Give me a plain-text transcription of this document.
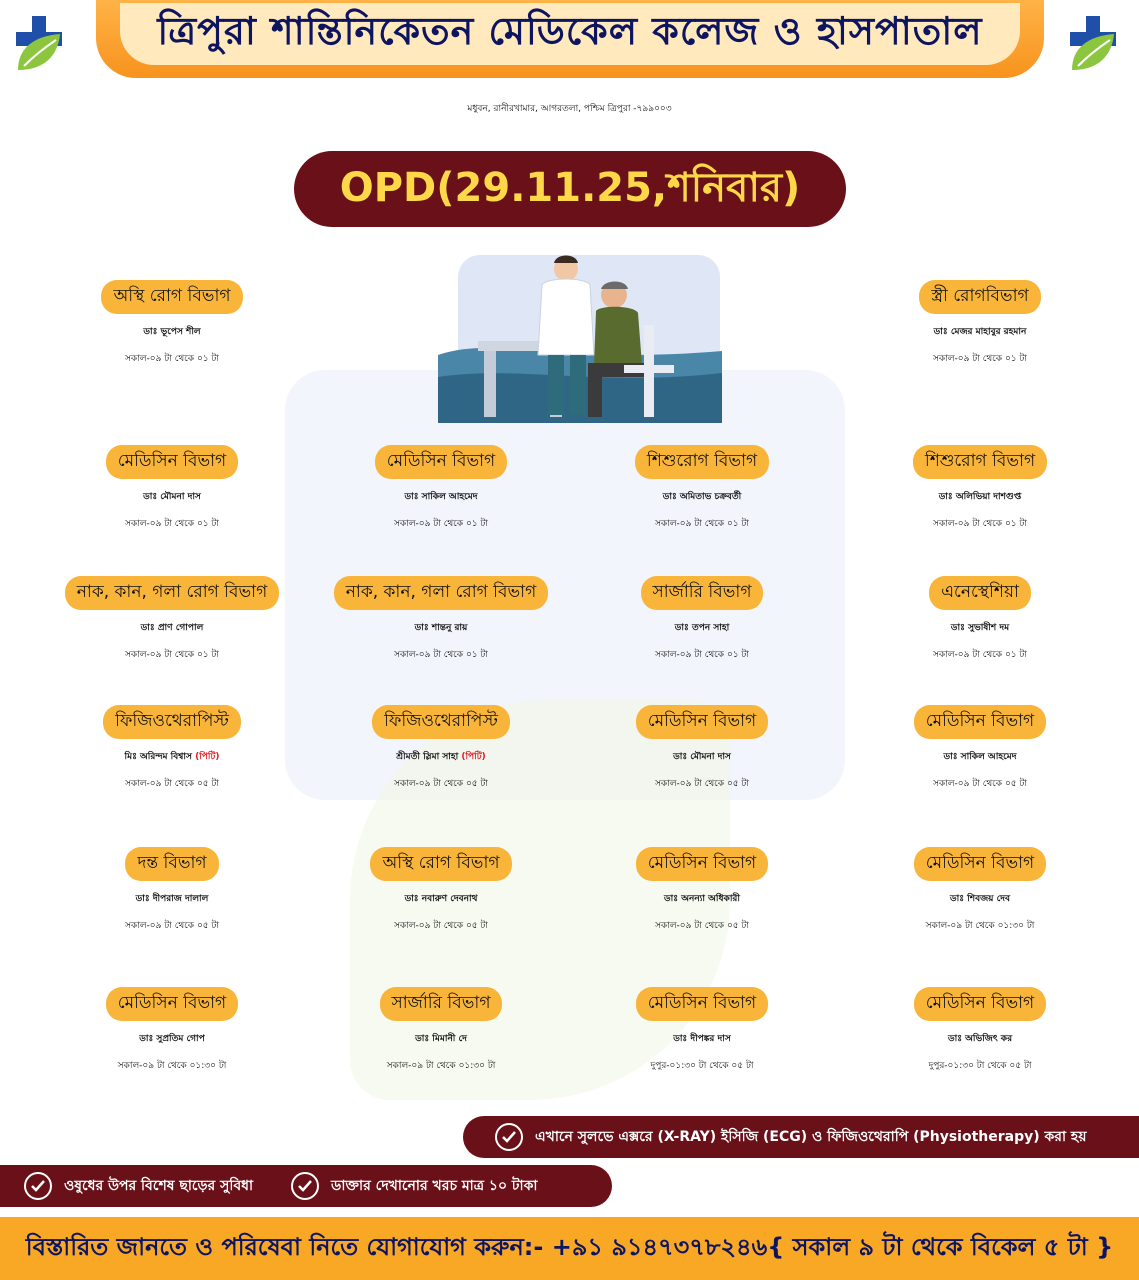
ত্রিপুরা শান্তিনিকেতন মেডিকেল কলেজ ও হাসপাতাল
মধুবন, রানীরখামার, আগরতলা, পশ্চিম ত্রিপুরা -৭৯৯০০৩
OPD(29.11.25,শনিবার)
অস্থি রোগ বিভাগ
ডাঃ ভূপেস শীল
সকাল-০৯ টা থেকে ০১ টা
স্ত্রী রোগবিভাগ
ডাঃ মেজর মাহাবুর রহমান
সকাল-০৯ টা থেকে ০১ টা
মেডিসিন বিভাগ
ডাঃ মৌমনা দাস
সকাল-০৯ টা থেকে ০১ টা
মেডিসিন বিভাগ
ডাঃ সাকিল আহমেদ
সকাল-০৯ টা থেকে ০১ টা
শিশুরোগ বিভাগ
ডাঃ অমিতাভ চক্রবর্তী
সকাল-০৯ টা থেকে ০১ টা
শিশুরোগ বিভাগ
ডাঃ অলিভিয়া দাশগুপ্ত
সকাল-০৯ টা থেকে ০১ টা
নাক, কান, গলা রোগ বিভাগ
ডাঃ প্রাণ গোপাল
সকাল-০৯ টা থেকে ০১ টা
নাক, কান, গলা রোগ বিভাগ
ডাঃ শান্তনু রায়
সকাল-০৯ টা থেকে ০১ টা
সার্জারি বিভাগ
ডাঃ তপন সাহা
সকাল-০৯ টা থেকে ০১ টা
এনেস্থেশিয়া
ডাঃ সুভাষীশ দম
সকাল-০৯ টা থেকে ০১ টা
ফিজিওথেরাপিস্ট
মিঃ অরিন্দম বিশ্বাস (পিটি)
সকাল-০৯ টা থেকে ০৫ টা
ফিজিওথেরাপিস্ট
শ্রীমতী স্লিমা সাহা (পিটি)
সকাল-০৯ টা থেকে ০৫ টা
মেডিসিন বিভাগ
ডাঃ মৌমনা দাস
সকাল-০৯ টা থেকে ০৫ টা
মেডিসিন বিভাগ
ডাঃ সাকিল আহমেদ
সকাল-০৯ টা থেকে ০৫ টা
দন্ত বিভাগ
ডাঃ দীপরাজ দালাল
সকাল-০৯ টা থেকে ০৫ টা
অস্থি রোগ বিভাগ
ডাঃ নবারুণ দেবনাথ
সকাল-০৯ টা থেকে ০৫ টা
মেডিসিন বিভাগ
ডাঃ অনন্যা অধিকারী
সকাল-০৯ টা থেকে ০৫ টা
মেডিসিন বিভাগ
ডাঃ শিবজয় দেব
সকাল-০৯ টা থেকে ০১:৩০ টা
মেডিসিন বিভাগ
ডাঃ সুপ্রতিম গোপ
সকাল-০৯ টা থেকে ০১:৩০ টা
সার্জারি বিভাগ
ডাঃ মিমানী দে
সকাল-০৯ টা থেকে ০১:৩০ টা
মেডিসিন বিভাগ
ডাঃ দীপঙ্কর দাস
দুপুর-০১:৩০ টা থেকে ০৫ টা
মেডিসিন বিভাগ
ডাঃ অভিজিৎ কর
দুপুর-০১:৩০ টা থেকে ০৫ টা
এখানে সুলভে এক্সরে (X-RAY) ইসিজি (ECG) ও ফিজিওথেরাপি (Physiotherapy) করা হয়
ওষুধের উপর বিশেষ ছাড়ের সুবিধা	ডাক্তার দেখানোর খরচ মাত্র ১০ টাকা
বিস্তারিত জানতে ও পরিষেবা নিতে যোগাযোগ করুন:- +৯১ ৯১৪৭৩৭৮২৪৬{ সকাল ৯ টা থেকে বিকেল ৫ টা }
